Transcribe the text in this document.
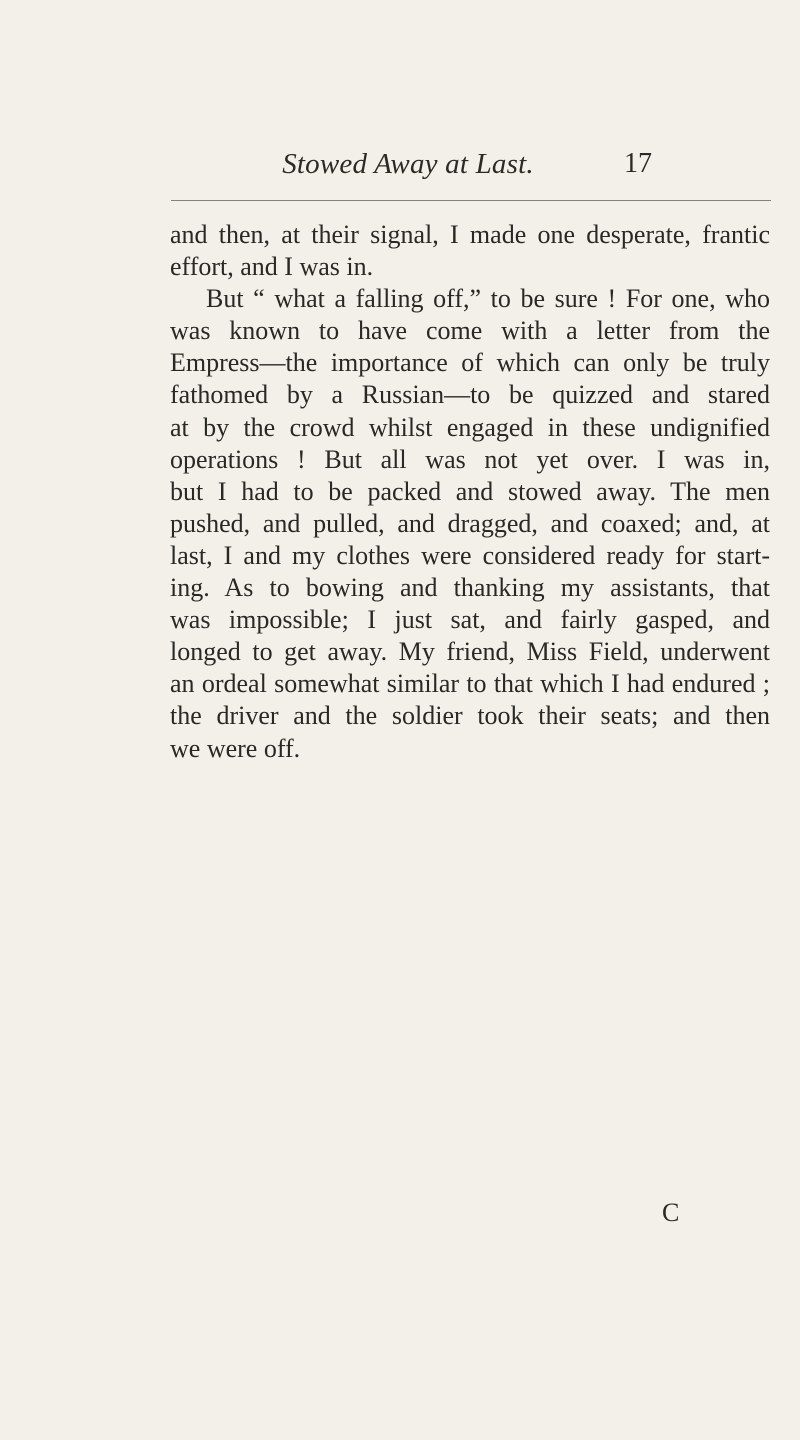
Stowed Away at Last.	17
and then, at their signal, I made one desperate, frantic
effort, and I was in.
But “ what a falling off,” to be sure ! For one, who
was known to have come with a letter from the
Empress—the importance of which can only be truly
fathomed by a Russian—to be quizzed and stared
at by the crowd whilst engaged in these undignified
operations ! But all was not yet over. I was in,
but I had to be packed and stowed away. The men
pushed, and pulled, and dragged, and coaxed; and, at
last, I and my clothes were considered ready for start-
ing. As to bowing and thanking my assistants, that
was impossible; I just sat, and fairly gasped, and
longed to get away. My friend, Miss Field, underwent
an ordeal somewhat similar to that which I had endured ;
the driver and the soldier took their seats; and then
we were off.
C
